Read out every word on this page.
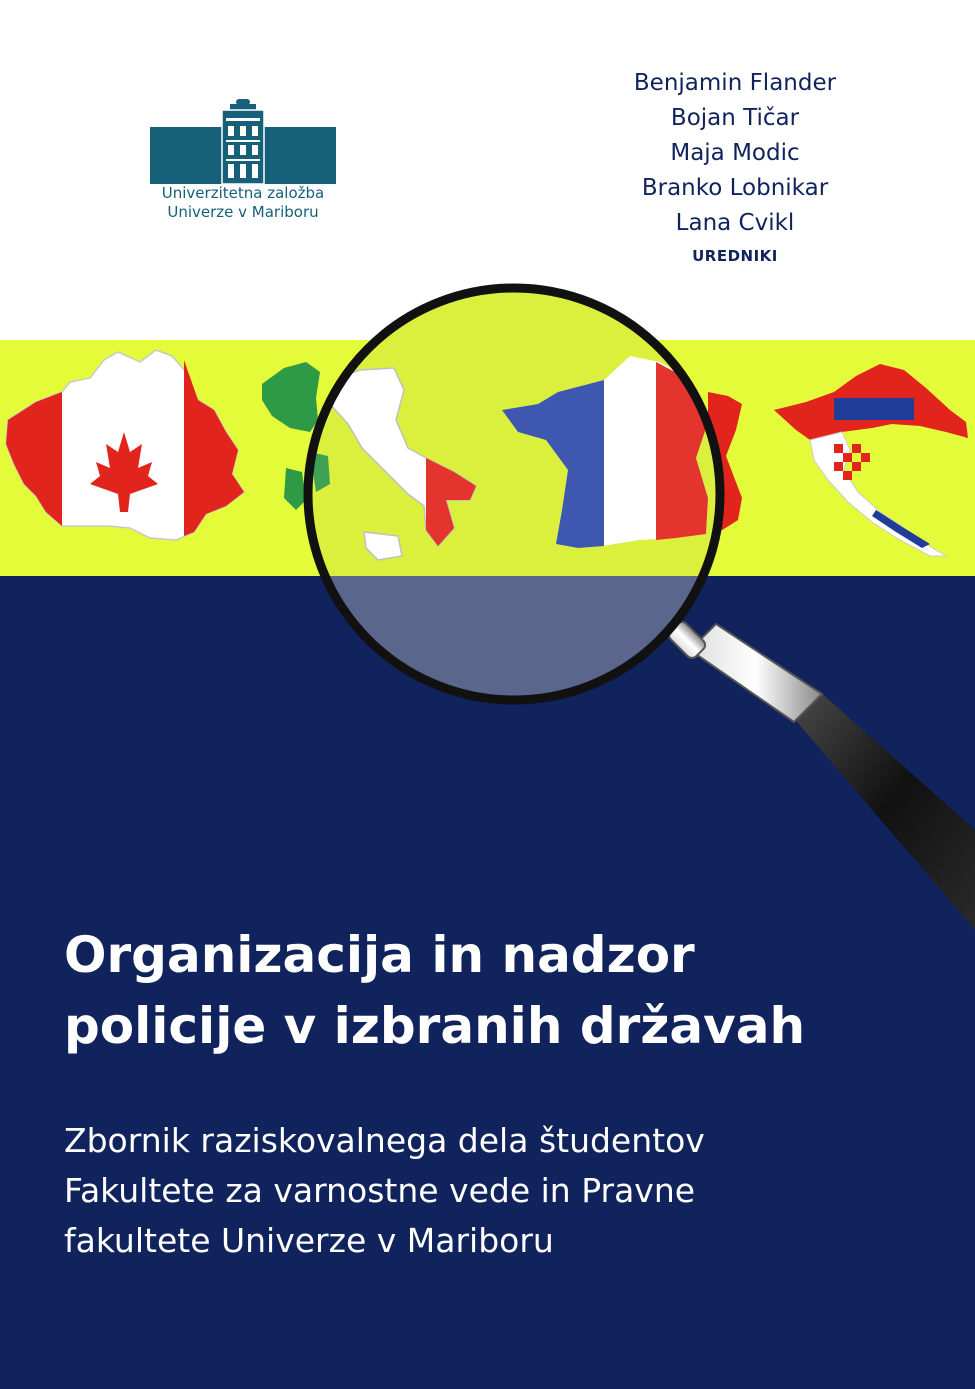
Univerzitetna založba
Univerze v Mariboru
Benjamin Flander
Bojan Tičar
Maja Modic
Branko Lobnikar
Lana Cvikl
UREDNIKI
Organizacija in nadzor
policije v izbranih državah
Zbornik raziskovalnega dela študentov
Fakultete za varnostne vede in Pravne
fakultete Univerze v Mariboru
